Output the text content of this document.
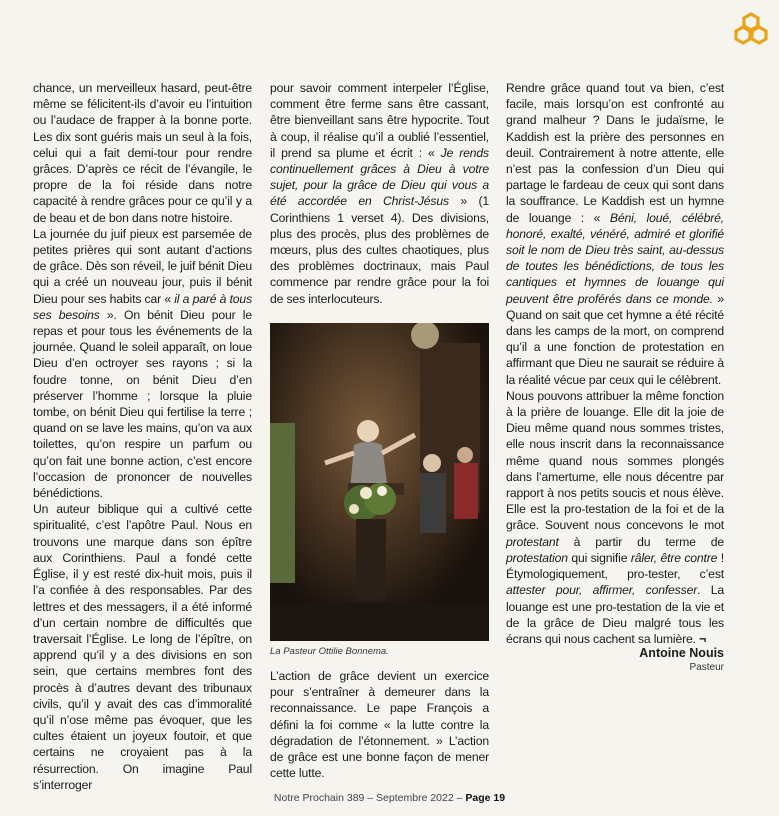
chance, un merveilleux hasard, peut-être même se félicitent-ils d’avoir eu l’intuition ou l’audace de frapper à la bonne porte. Les dix sont guéris mais un seul à la fois, celui qui a fait demi-tour pour rendre grâces. D’après ce récit de l’évangile, le propre de la foi réside dans notre capacité à rendre grâces pour ce qu’il y a de beau et de bon dans notre histoire.

La journée du juif pieux est parsemée de petites prières qui sont autant d’actions de grâce. Dès son réveil, le juif bénit Dieu qui a créé un nouveau jour, puis il bénit Dieu pour ses habits car « il a paré à tous ses besoins ». On bénit Dieu pour le repas et pour tous les événements de la journée. Quand le soleil apparaît, on loue Dieu d’en octroyer ses rayons ; si la foudre tonne, on bénit Dieu d’en préserver l’homme ; lorsque la pluie tombe, on bénit Dieu qui fertilise la terre ; quand on se lave les mains, qu’on va aux toilettes, qu’on respire un parfum ou qu’on fait une bonne action, c’est encore l’occasion de prononcer de nouvelles bénédictions.

Un auteur biblique qui a cultivé cette spiritualité, c’est l’apôtre Paul. Nous en trouvons une marque dans son épître aux Corinthiens. Paul a fondé cette Église, il y est resté dix-huit mois, puis il l’a confiée à des responsables. Par des lettres et des messagers, il a été informé d’un certain nombre de difficultés que traversait l’Église. Le long de l’épître, on apprend qu’il y a des divisions en son sein, que certains membres font des procès à d’autres devant des tribunaux civils, qu’il y avait des cas d’immoralité qu’il n’ose même pas évoquer, que les cultes étaient un joyeux foutoir, et que certains ne croyaient pas à la résurrection. On imagine Paul s’interroger

pour savoir comment interpeler l’Église, comment être ferme sans être cassant, être bienveillant sans être hypocrite. Tout à coup, il réalise qu’il a oublié l’essentiel, il prend sa plume et écrit : « Je rends continuellement grâces à Dieu à votre sujet, pour la grâce de Dieu qui vous a été accordée en Christ-Jésus » (1 Corinthiens 1 verset 4). Des divisions, plus des procès, plus des problèmes de mœurs, plus des cultes chaotiques, plus des problèmes doctrinaux, mais Paul commence par rendre grâce pour la foi de ses interlocuteurs.

La Pasteur Ottilie Bonnema.

L’action de grâce devient un exercice pour s’entraîner à demeurer dans la reconnaissance. Le pape François a défini la foi comme « la lutte contre la dégradation de l’étonnement. » L’action de grâce est une bonne façon de mener cette lutte.

Rendre grâce quand tout va bien, c’est facile, mais lorsqu’on est confronté au grand malheur ? Dans le judaïsme, le Kaddish est la prière des personnes en deuil. Contrairement à notre attente, elle n’est pas la confession d’un Dieu qui partage le fardeau de ceux qui sont dans la souffrance. Le Kaddish est un hymne de louange : « Béni, loué, célébré, honoré, exalté, vénéré, admiré et glorifié soit le nom de Dieu très saint, au-dessus de toutes les bénédictions, de tous les cantiques et hymnes de louange qui peuvent être proférés dans ce monde. » Quand on sait que cet hymne a été récité dans les camps de la mort, on comprend qu’il a une fonction de protestation en affirmant que Dieu ne saurait se réduire à la réalité vécue par ceux qui le célèbrent.

Nous pouvons attribuer la même fonction à la prière de louange. Elle dit la joie de Dieu même quand nous sommes tristes, elle nous inscrit dans la reconnaissance même quand nous sommes plongés dans l’amertume, elle nous décentre par rapport à nos petits soucis et nous élève. Elle est la pro-testation de la foi et de la grâce. Souvent nous concevons le mot protestant à partir du terme de protestation qui signifie râler, être contre ! Étymologiquement, pro-tester, c’est attester pour, affirmer, confesser. La louange est une pro-testation de la vie et de la grâce de Dieu malgré tous les écrans qui nous cachent sa lumière. ¬

Antoine Nouis
Pasteur
Notre Prochain 389 – Septembre 2022 – Page 19
